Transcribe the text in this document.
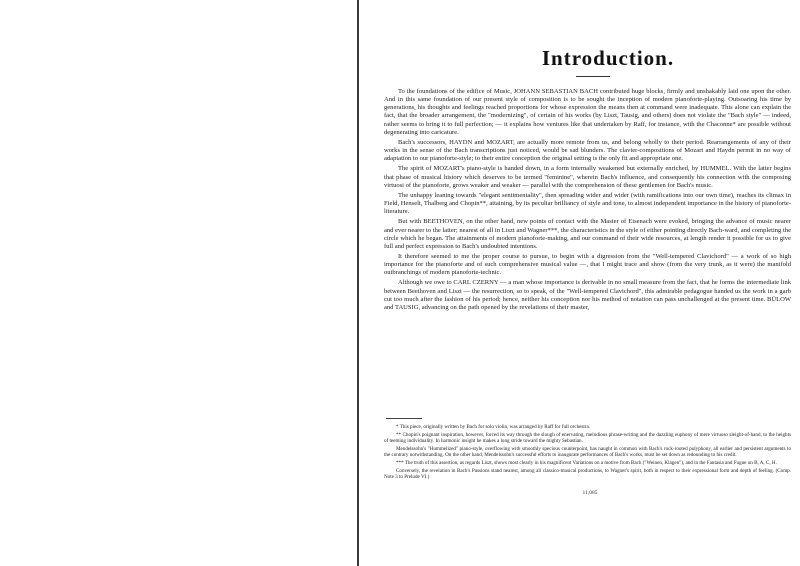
Introduction.

To the foundations of the edifice of Music, JOHANN SEBASTIAN BACH contributed huge blocks, firmly and unshakably laid one upon the other. And in this same foundation of our present style of composition is to be sought the inception of modern pianoforte-playing. Outsoaring his time by generations, his thoughts and feelings reached proportions for whose expression the means then at command were inadequate. This alone can explain the fact, that the broader arrangement, the "modernizing", of certain of his works (by Liszt, Tausig, and others) does not violate the "Bach style" — indeed, rather seems to bring it to full perfection; — it explains how ventures like that undertaken by Raff, for instance, with the Chaconne* are possible without degenerating into caricature.

Bach's successors, HAYDN and MOZART, are actually more remote from us, and belong wholly to their period. Rearrangements of any of their works in the sense of the Bach transcriptions just noticed, would be sad blunders. The clavier-compositions of Mozart and Haydn permit in no way of adaptation to our pianoforte-style; to their entire conception the original setting is the only fit and appropriate one.

The spirit of MOZART's piano-style is handed down, in a form internally weakened but externally enriched, by HUMMEL. With the latter begins that phase of musical history which deserves to be termed "feminine", wherein Bach's influence, and consequently his connection with the composing virtuosi of the pianoforte, grows weaker and weaker — parallel with the comprehension of these gentlemen for Bach's music.

The unhappy leaning towards "elegant sentimentality", then spreading wider and wider (with ramifications into our own time), reaches its climax in Field, Henselt, Thalberg and Chopin**, attaining, by its peculiar brilliancy of style and tone, to almost independent importance in the history of pianoforte-literature.

But with BEETHOVEN, on the other hand, new points of contact with the Master of Eisenach were evoked, bringing the advance of music nearer and ever nearer to the latter; nearest of all in Liszt and Wagner***, the characteristics in the style of either pointing directly Bach-ward, and completing the circle which he began. The attainments of modern pianoforte-making, and our command of their wide resources, at length render it possible for us to give full and perfect expression to Bach's undoubted intentions.

It therefore seemed to me the proper course to pursue, to begin with a digression from the "Well-tempered Clavichord" — a work of so high importance for the pianoforte and of such comprehensive musical value —, that I might trace and show (from the very trunk, as it were) the manifold outbranchings of modern pianoforte-technic.

Although we owe to CARL CZERNY — a man whose importance is derivable in no small measure from the fact, that he forms the intermediate link between Beethoven and Liszt — the resurrection, so to speak, of the "Well-tempered Clavichord", this admirable pedagogue handed us the work in a garb cut too much after the fashion of his period; hence, neither his conception nor his method of notation can pass unchallenged at the present time. BÜLOW and TAUSIG, advancing on the path opened by the revelations of their master,

* This piece, originally written by Bach for solo violin, was arranged by Raff for full orchestra.

** Chopin's poignant inspiration, however, forced its way through the slough of enervating, melodious phrase-writing and the dazzling euphony of mere virtuoso sleight-of-hand, to the heights of teeming individuality. In harmonic insight he makes a long stride toward the mighty Sebastian.

Mendelssohn's "Hummelized" piano-style, overflowing with smoothly specious counterpoint, has naught in common with Bach's rock-rooted polyphony, all earlier and persistent arguments to the contrary notwithstanding. On the other hand, Mendelssohn's successful efforts to inaugurate performances of Bach's works, must be set down as redounding to his credit.

*** The truth of this assertion, as regards Liszt, shows most clearly in his magnificent Variations on a motive from Bach ("Weinen, Klagen"), and in the Fantasia and Fugue on B, A, C, H.

Conversely, the revelation in Bach's Passions stand nearest, among all classico-musical productions, to Wagner's spirit, both in respect to their expressional form and depth of feeling. (Comp. Note 3 to Prelude VI.)

11,085
